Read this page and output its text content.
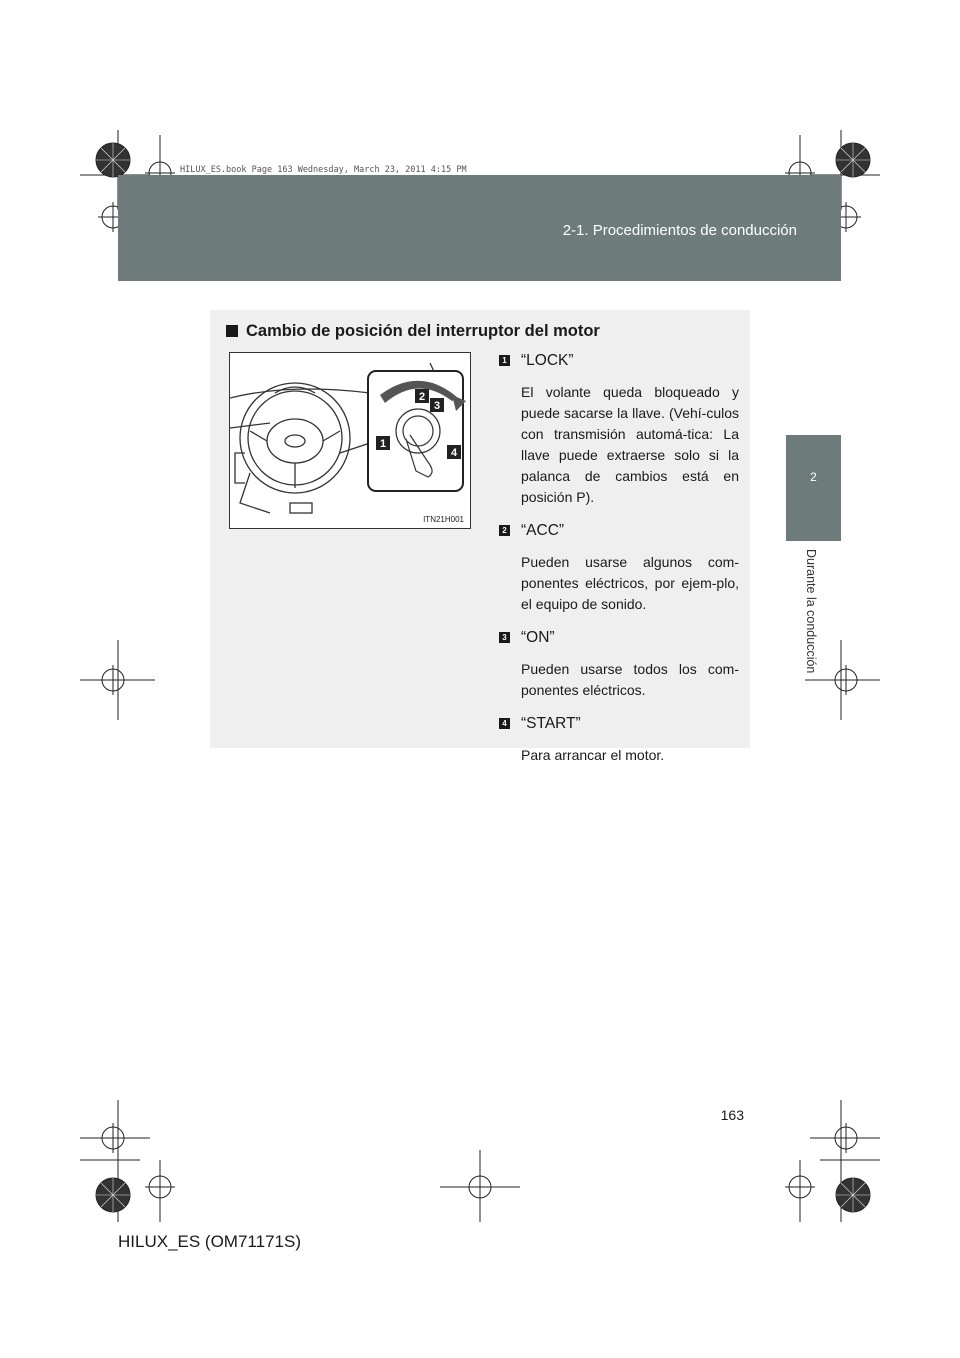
2-1. Procedimientos de conducción
HILUX_ES.book Page 163 Wednesday, March 23, 2011 4:15 PM
2
Durante la conducción
Cambio de posición del interruptor del motor
1
2
3
4
ITN21H001
1 “LOCK”
El volante queda bloqueado y puede sacarse la llave. (Vehí-culos con transmisión automá-tica: La llave puede extraerse solo si la palanca de cambios está en posición P).
2 “ACC”
Pueden usarse algunos com-ponentes eléctricos, por ejem-plo, el equipo de sonido.
3 “ON”
Pueden usarse todos los com-ponentes eléctricos.
4 “START”
Para arrancar el motor.
163
HILUX_ES (OM71171S)
